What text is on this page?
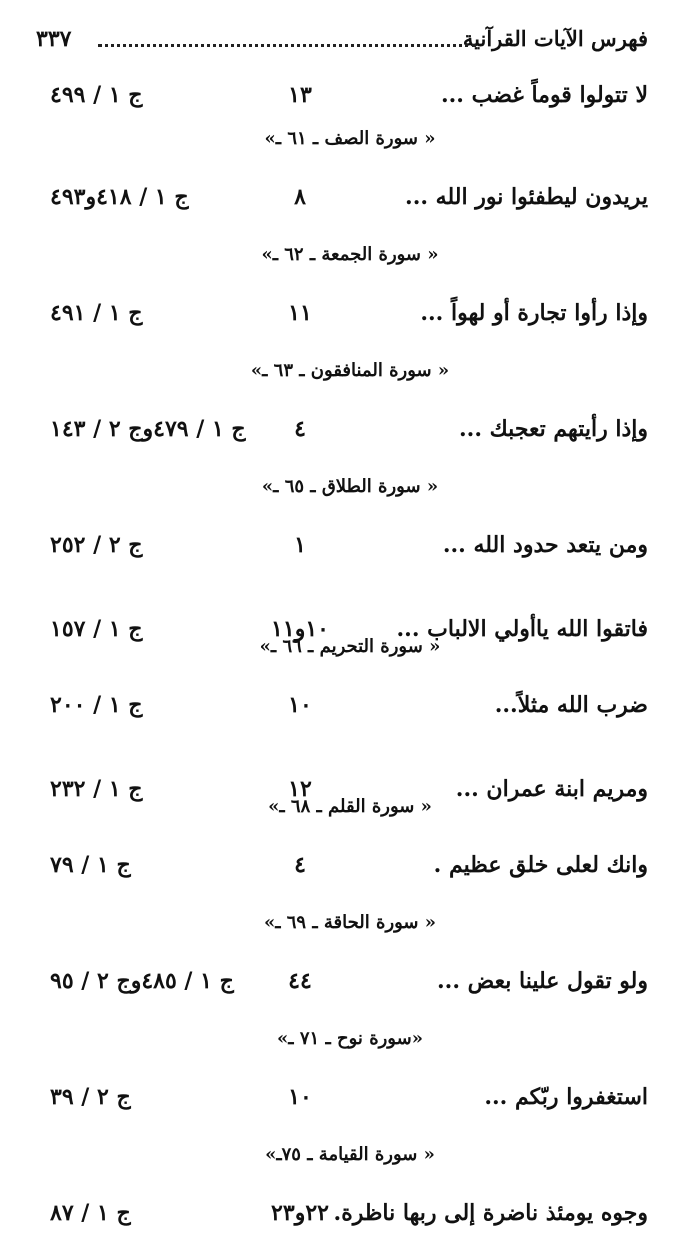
فهرس الآيات القرآنية
٣٣٧
لا تتولوا قوماً غضب ...
١٣
ج ١ / ٤٩٩
« سورة الصف ـ ٦١ ـ»
يريدون ليطفئوا نور الله ...
٨
ج ١ / ٤١٨و٤٩٣
« سورة الجمعة ـ ٦٢ ـ»
وإذا رأوا تجارة أو لهواً ...
١١
ج ١ / ٤٩١
« سورة المنافقون ـ ٦٣ ـ»
وإذا رأيتهم تعجبك ...
٤
ج ١ / ٤٧٩وج ٢ / ١٤٣
« سورة الطلاق ـ ٦٥ ـ»
ومن يتعد حدود الله ...
١
ج ٢ / ٢٥٢
فاتقوا الله ياأولي الالباب ...
١٠و١١
ج ١ / ١٥٧
« سورة التحريم ـ ٦٦ ـ»
ضرب الله مثلاً...
١٠
ج ١ / ٢٠٠
ومريم ابنة عمران ...
١٢
ج ١ / ٢٣٢
« سورة القلم ـ ٦٨ ـ»
وانك لعلى خلق عظيم .
٤
ج ١ / ٧٩
« سورة الحاقة ـ ٦٩ ـ»
ولو تقول علينا بعض ...
٤٤
ج ١ / ٤٨٥وج ٢ / ٩٥
«سورة نوح ـ ٧١ ـ»
استغفروا ربّكم ...
١٠
ج ٢ / ٣٩
« سورة القيامة ـ ٧٥ـ»
وجوه يومئذ ناضرة إلى ربها ناظرة.
٢٢و٢٣
ج ١ / ٨٧
